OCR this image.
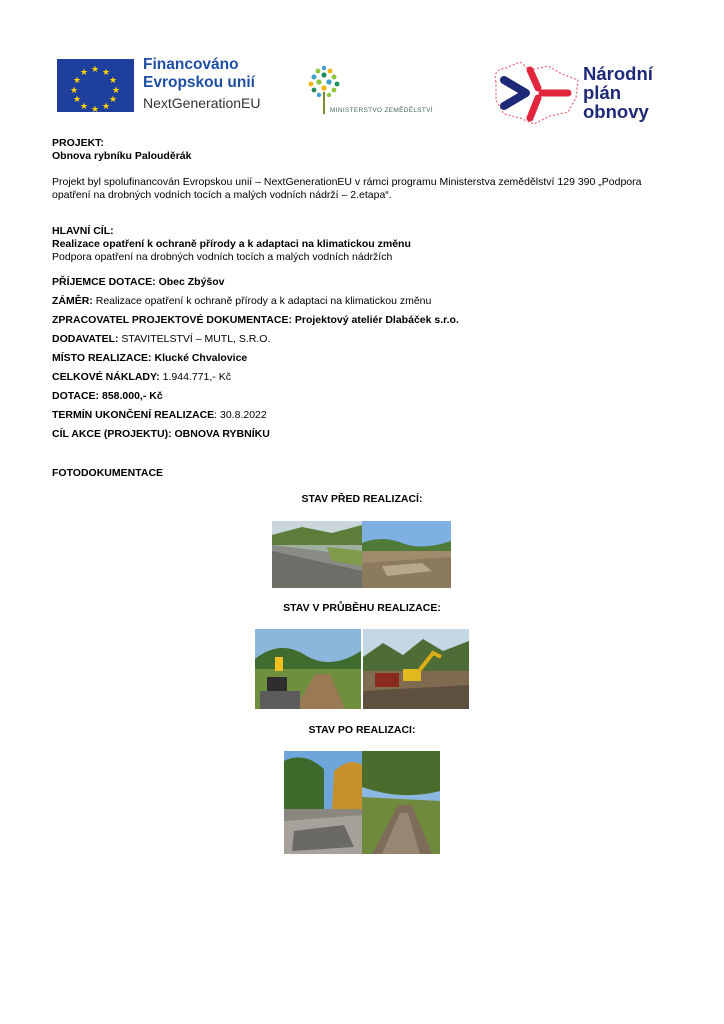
★ ★
★
★
★
★
★
★
★
★
★
★	Financováno
Evropskou unií
NextGenerationEU	MINISTERSTVO ZEMĚDĚLSTVÍ
Národní
plán
obnovy
PROJEKT:
Obnova rybníku Palouděrák
Projekt byl spolufinancován Evropskou unií – NextGenerationEU v rámci programu Ministerstva zemědělství 129 390 „Podpora
opatření na drobných vodních tocích a malých vodních nádrží – 2.etapa“.
HLAVNÍ CÍL:
Realizace opatření k ochraně přírody a k adaptaci na klimatickou změnu
Podpora opatření na drobných vodních tocích a malých vodních nádržích
PŘÍJEMCE DOTACE: Obec Zbýšov
ZÁMĚR: Realizace opatření k ochraně přírody a k adaptaci na klimatickou změnu
ZPRACOVATEL PROJEKTOVÉ DOKUMENTACE: Projektový ateliér Dlabáček s.r.o.
DODAVATEL: STAVITELSTVÍ – MUTL, S.R.O.
MÍSTO REALIZACE: Klucké Chvalovice
CELKOVÉ NÁKLADY: 1.944.771,- Kč
DOTACE: 858.000,- Kč
TERMÍN UKONČENÍ REALIZACE: 30.8.2022
CÍL AKCE (PROJEKTU): OBNOVA RYBNÍKU
FOTODOKUMENTACE
STAV PŘED REALIZACÍ:
STAV V PRŮBĚHU REALIZACE:
STAV PO REALIZACI:
